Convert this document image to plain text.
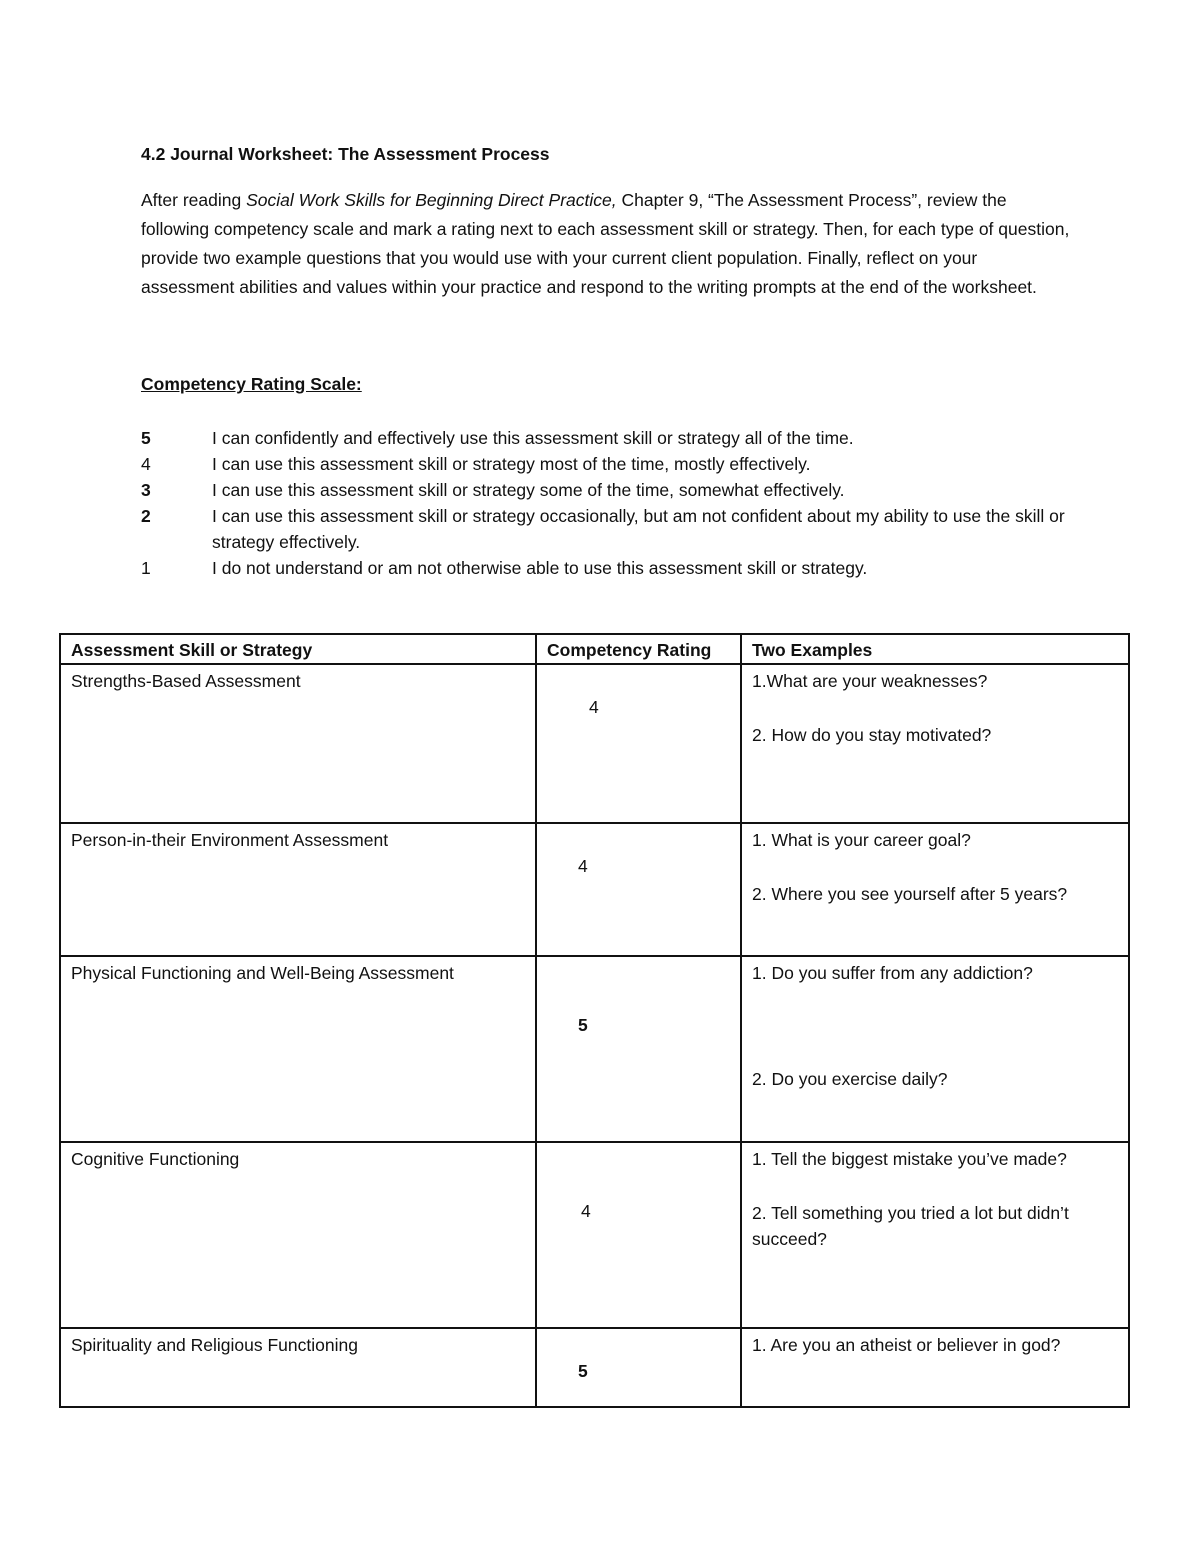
4.2 Journal Worksheet: The Assessment Process

After reading Social Work Skills for Beginning Direct Practice, Chapter 9, “The Assessment Process”, review the following competency scale and mark a rating next to each assessment skill or strategy. Then, for each type of question, provide two example questions that you would use with your current client population. Finally, reflect on your assessment abilities and values within your practice and respond to the writing prompts at the end of the worksheet.

Competency Rating Scale:

5	I can confidently and effectively use this assessment skill or strategy all of the time.
4	I can use this assessment skill or strategy most of the time, mostly effectively.
3	I can use this assessment skill or strategy some of the time, somewhat effectively.
2	I can use this assessment skill or strategy occasionally, but am not confident about my ability to use the skill or strategy effectively.
1	I do not understand or am not otherwise able to use this assessment skill or strategy.
Assessment Skill or Strategy	Competency Rating	Two Examples
Strengths-Based Assessment	4	1.What are your weaknesses?
2. How do you stay motivated?

Person-in-their Environment Assessment	4	1. What is your career goal?
2. Where you see yourself after 5 years?

Physical Functioning and Well-Being Assessment	5	1. Do you suffer from any addiction?
2. Do you exercise daily?

Cognitive Functioning	4	1. Tell the biggest mistake you’ve made?
2. Tell something you tried a lot but didn’t succeed?

Spirituality and Religious Functioning	5	1. Are you an atheist or believer in god?
